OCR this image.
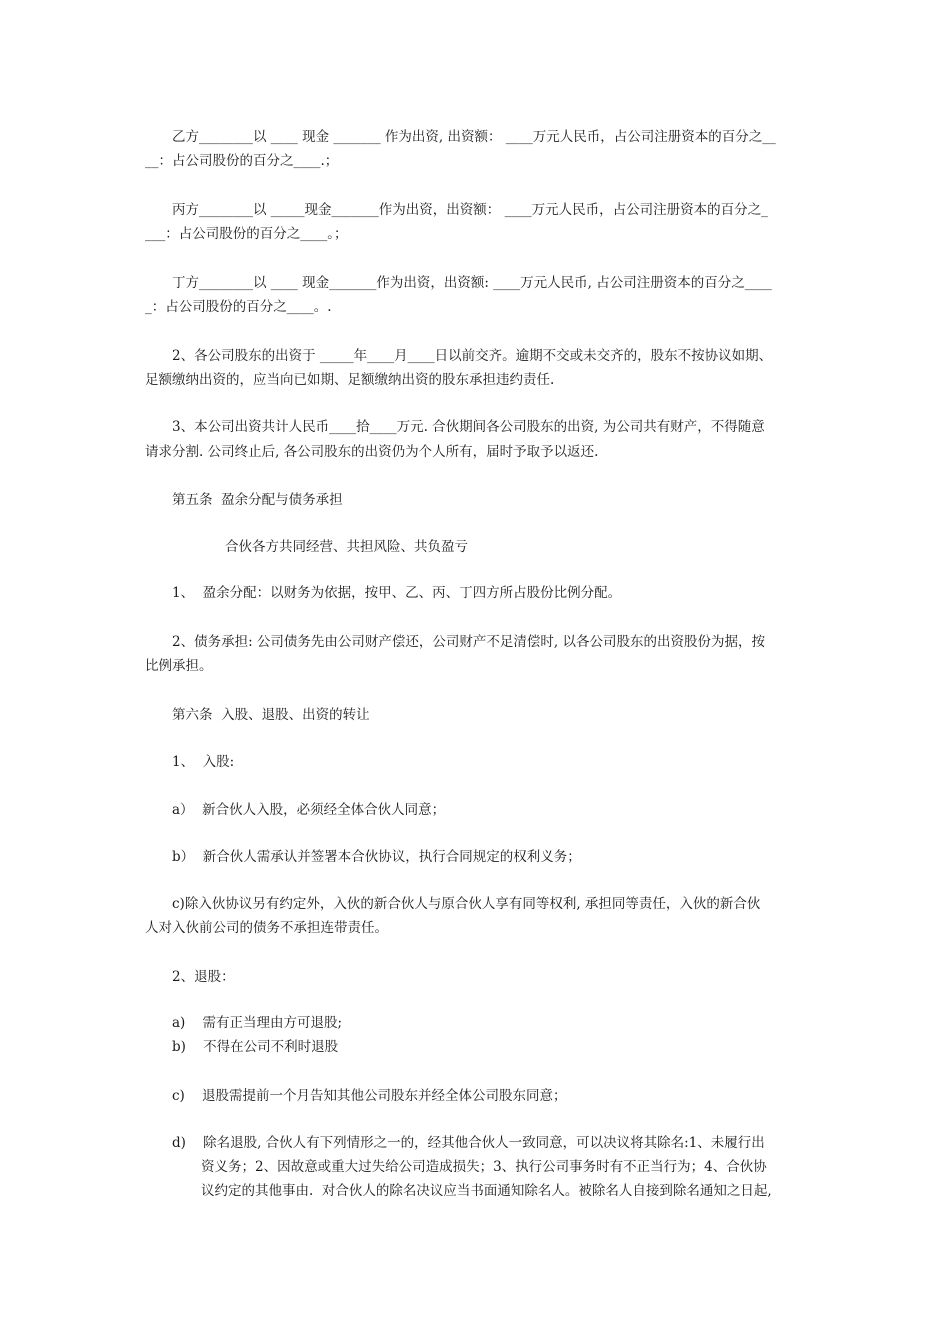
乙方________以 ____ 现金 _______ 作为出资, 出资额： ____万元人民币，占公司注册资本的百分之__
__：占公司股份的百分之____.；
丙方________以 _____现金_______作为出资，出资额： ____万元人民币，占公司注册资本的百分之_
___：占公司股份的百分之____。；
丁方________以 ____ 现金_______作为出资，出资额: ____万元人民币, 占公司注册资本的百分之____
_：占公司股份的百分之____。.
2、各公司股东的出资于 _____年____月____日以前交齐。逾期不交或未交齐的，股东不按协议如期、
足额缴纳出资的，应当向已如期、足额缴纳出资的股东承担违约责任.
3、本公司出资共计人民币____拾____万元. 合伙期间各公司股东的出资, 为公司共有财产，不得随意
请求分割. 公司终止后, 各公司股东的出资仍为个人所有，届时予取予以返还.
第五条  盈余分配与债务承担
合伙各方共同经营、共担风险、共负盈亏
1、  盈余分配：以财务为依据，按甲、乙、丙、丁四方所占股份比例分配。
2、债务承担: 公司债务先由公司财产偿还，公司财产不足清偿时, 以各公司股东的出资股份为据，按
比例承担。
第六条  入股、退股、出资的转让
1、  入股:
a）  新合伙人入股，必须经全体合伙人同意；
b）  新合伙人需承认并签署本合伙协议，执行合同规定的权利义务；
c)除入伙协议另有约定外，入伙的新合伙人与原合伙人享有同等权利, 承担同等责任，入伙的新合伙
人对入伙前公司的债务不承担连带责任。
2、退股：
a)    需有正当理由方可退股;
b)    不得在公司不利时退股
c)    退股需提前一个月告知其他公司股东并经全体公司股东同意；
d)    除名退股, 合伙人有下列情形之一的，经其他合伙人一致同意，可以决议将其除名:1、未履行出
资义务；2、因故意或重大过失给公司造成损失；3、执行公司事务时有不正当行为；4、合伙协
议约定的其他事由.  对合伙人的除名决议应当书面通知除名人。被除名人自接到除名通知之日起,
